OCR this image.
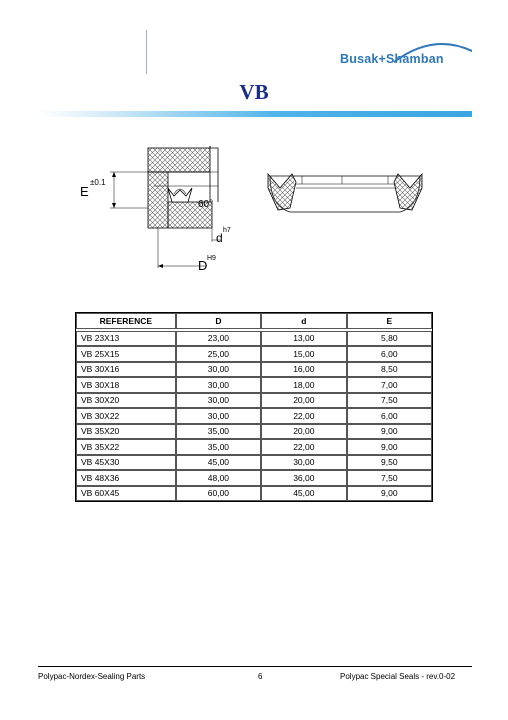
Busak+Shamban
VB
E
±0.1
60°
d
h7
D H9
REFERENCE	D	d	E

VB 23X13	23,00	13,00	5,80
VB 25X15	25,00	15,00	6,00
VB 30X16	30,00	16,00	8,50
VB 30X18	30,00	18,00	7,00
VB 30X20	30,00	20,00	7,50
VB 30X22	30,00	22,00	6,00
VB 35X20	35,00	20,00	9,00
VB 35X22	35,00	22,00	9,00
VB 45X30	45,00	30,00	9,50
VB 48X36	48,00	36,00	7,50
VB 60X45	60,00	45,00	9,00
Polypac-Nordex-Sealing Parts	6	Polypac Special Seals - rev.0-02
